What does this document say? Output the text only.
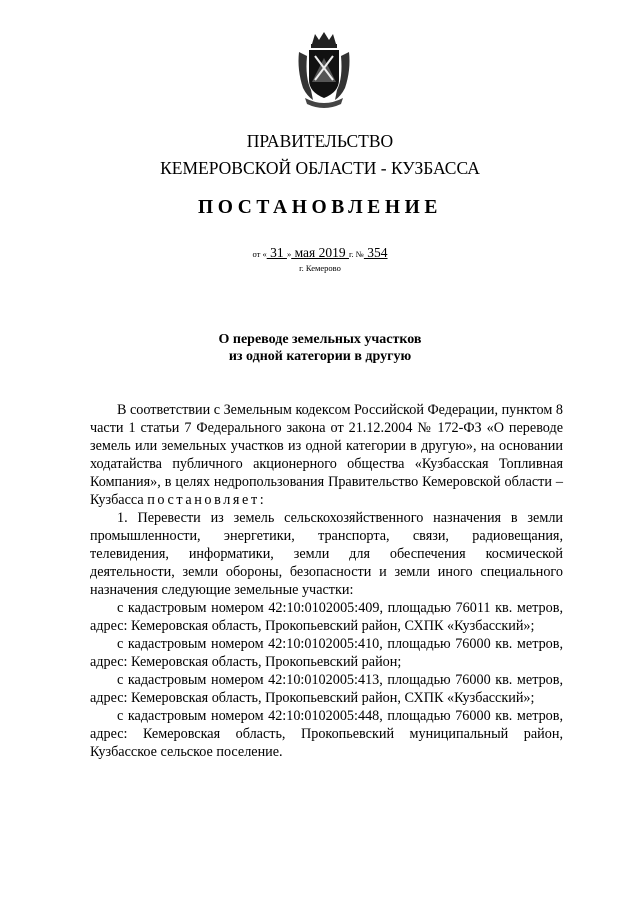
ПРАВИТЕЛЬСТВО
КЕМЕРОВСКОЙ ОБЛАСТИ - КУЗБАССА
ПОСТАНОВЛЕНИЕ
от « 31 » мая 2019 г. № 354
г. Кемерово
О переводе земельных участков
из одной категории в другую

В соответствии с Земельным кодексом Российской Федерации, пунктом 8 части 1 статьи 7 Федерального закона от 21.12.2004 № 172-ФЗ «О переводе земель или земельных участков из одной категории в другую», на основании ходатайства публичного акционерного общества «Кузбасская Топливная Компания», в целях недропользования Правительство Кемеровской области – Кузбасса постановляет:

1. Перевести из земель сельскохозяйственного назначения в земли промышленности, энергетики, транспорта, связи, радиовещания, телевидения, информатики, земли для обеспечения космической деятельности, земли обороны, безопасности и земли иного специального назначения следующие земельные участки:

с кадастровым номером 42:10:0102005:409, площадью 76011 кв. метров, адрес: Кемеровская область, Прокопьевский район, СХПК «Кузбасский»;

с кадастровым номером 42:10:0102005:410, площадью 76000 кв. метров, адрес: Кемеровская область, Прокопьевский район;

с кадастровым номером 42:10:0102005:413, площадью 76000 кв. метров, адрес: Кемеровская область, Прокопьевский район, СХПК «Кузбасский»;

с кадастровым номером 42:10:0102005:448, площадью 76000 кв. метров, адрес: Кемеровская область, Прокопьевский муниципальный район, Кузбасское сельское поселение.
